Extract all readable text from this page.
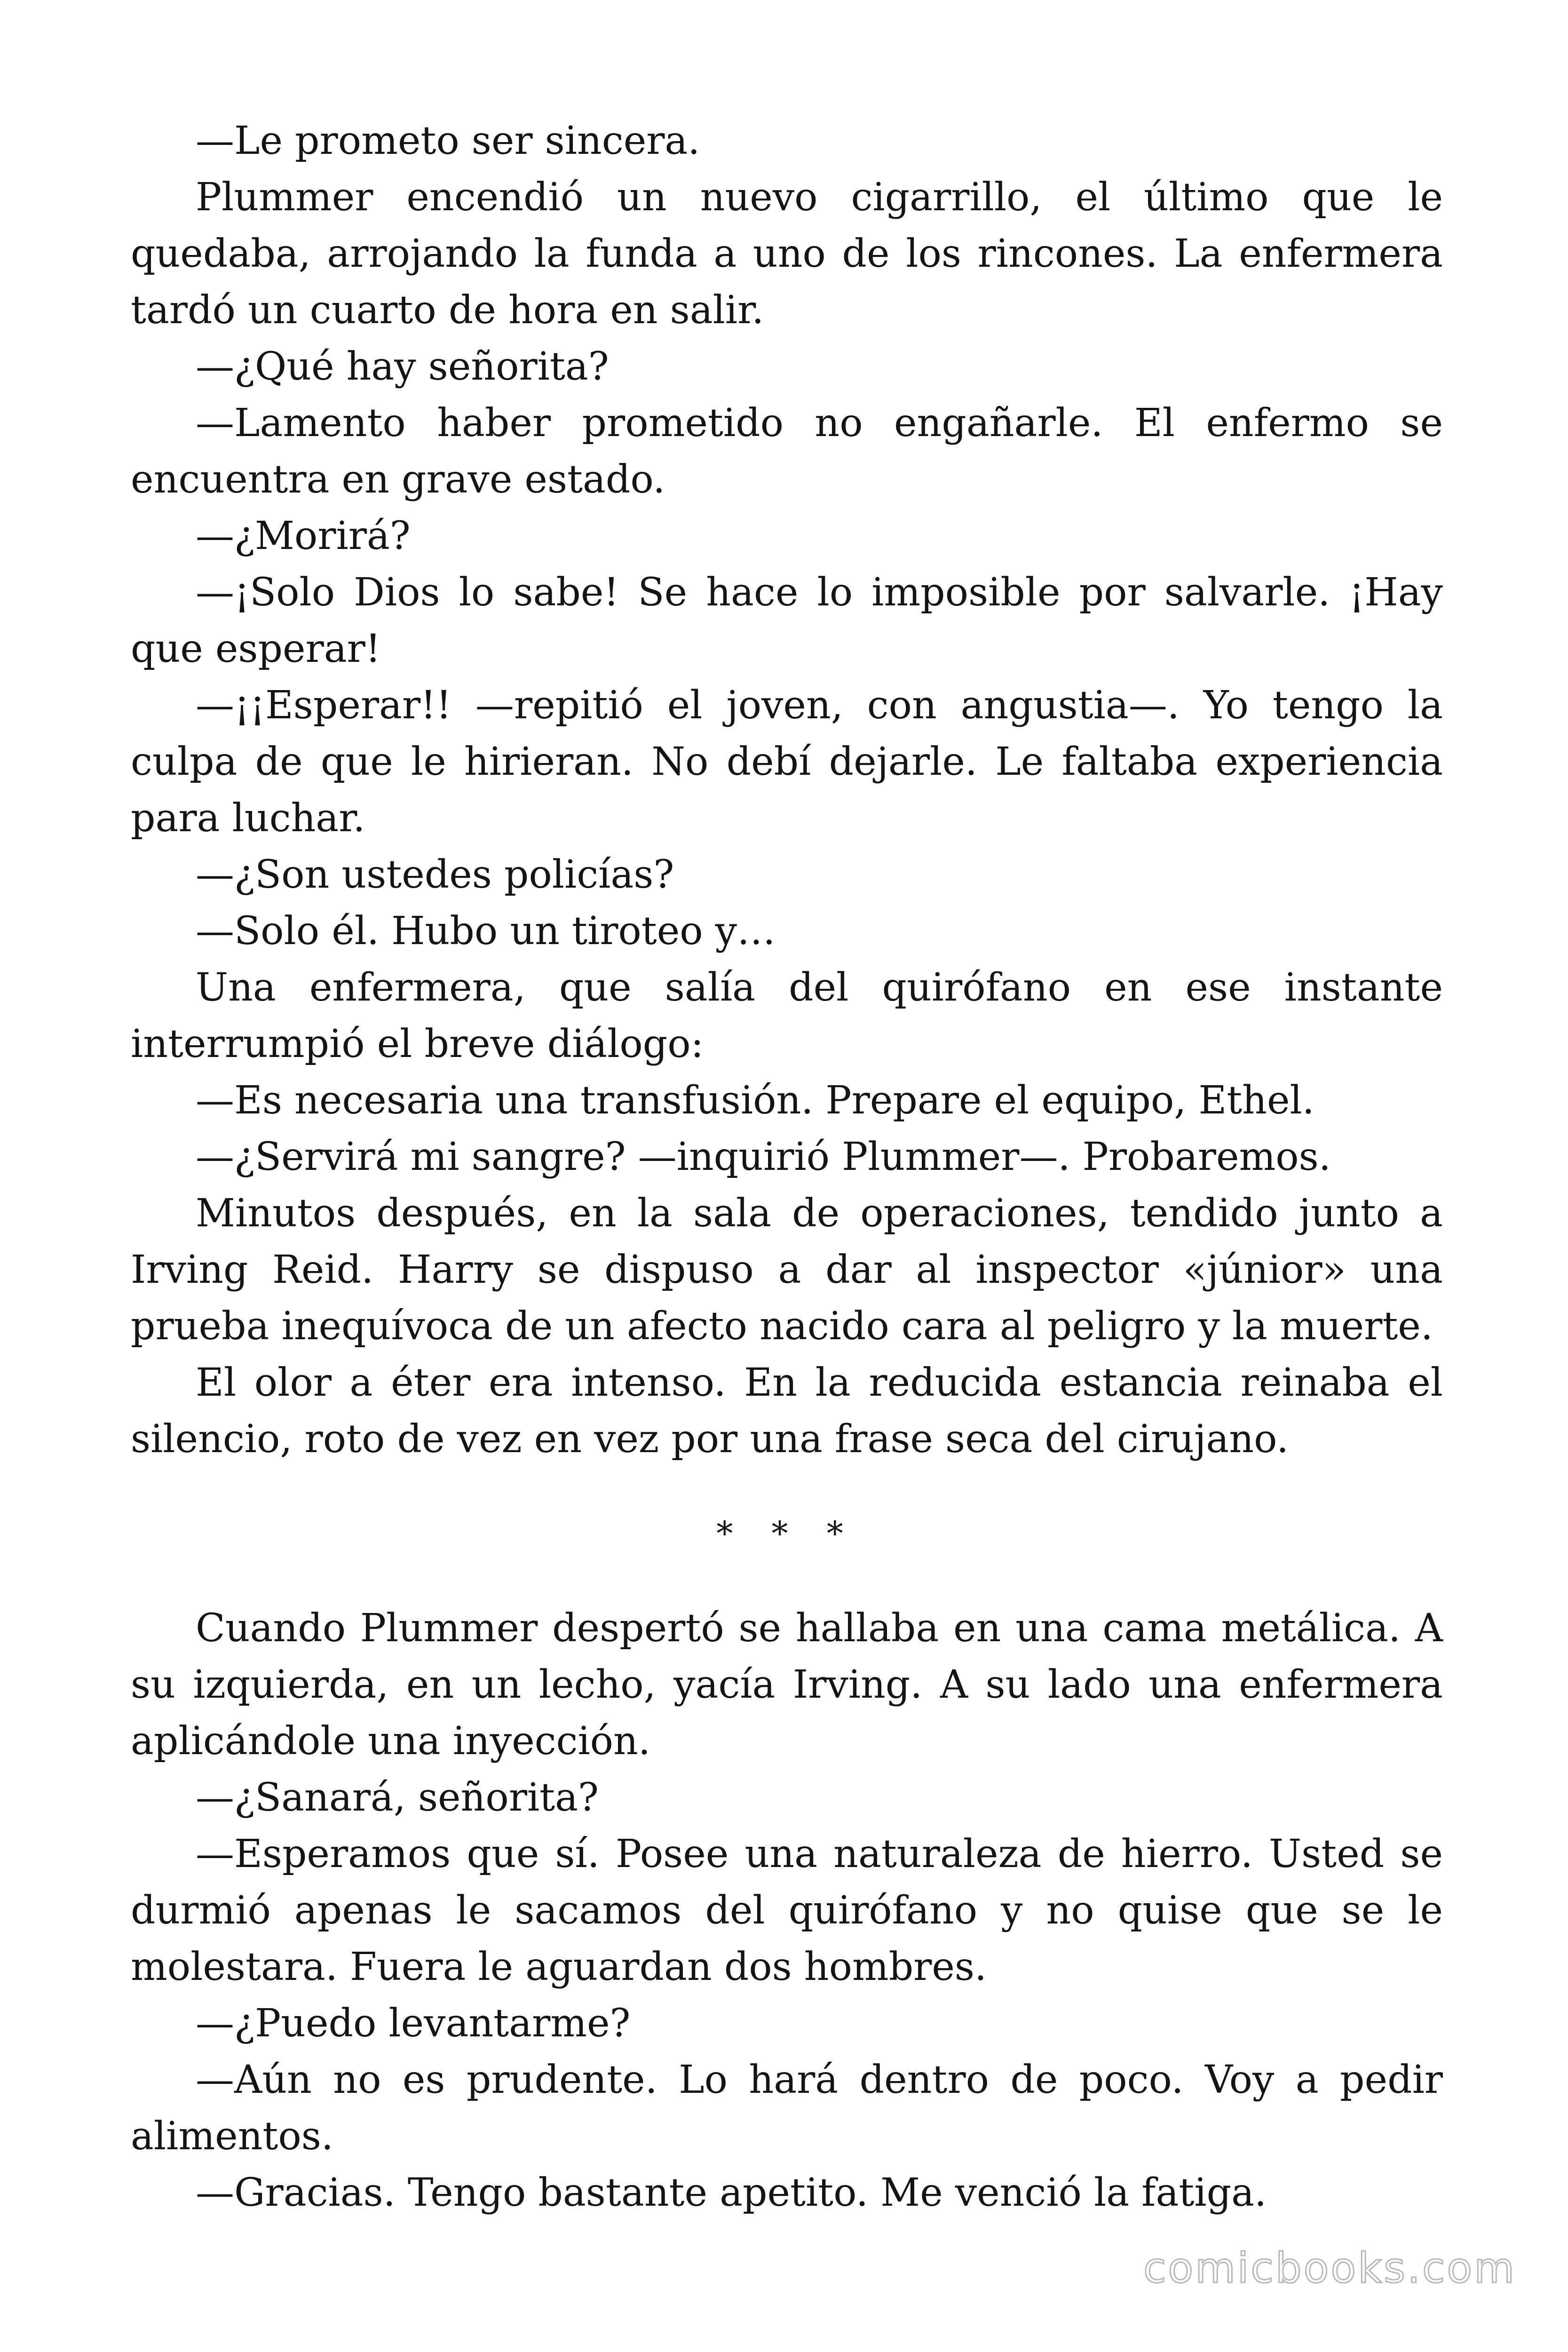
—Le prometo ser sincera.

Plummer encendió un nuevo cigarrillo, el último que le quedaba, arrojando la funda a uno de los rincones. La enfermera tardó un cuarto de hora en salir.

—¿Qué hay señorita?

—Lamento haber prometido no engañarle. El enfermo se encuentra en grave estado.

—¿Morirá?

—¡Solo Dios lo sabe! Se hace lo imposible por salvarle. ¡Hay que esperar!

—¡¡Esperar!! —repitió el joven, con angustia—. Yo tengo la culpa de que le hirieran. No debí dejarle. Le faltaba experiencia para luchar.

—¿Son ustedes policías?

—Solo él. Hubo un tiroteo y…

Una enfermera, que salía del quirófano en ese instante interrumpió el breve diálogo:

—Es necesaria una transfusión. Prepare el equipo, Ethel.

—¿Servirá mi sangre? —inquirió Plummer—. Probaremos.

Minutos después, en la sala de operaciones, tendido junto a Irving Reid. Harry se dispuso a dar al inspector «júnior» una prueba inequívoca de un afecto nacido cara al peligro y la muerte.

El olor a éter era intenso. En la reducida estancia reinaba el silencio, roto de vez en vez por una frase seca del cirujano.

* * *

Cuando Plummer despertó se hallaba en una cama metálica. A su izquierda, en un lecho, yacía Irving. A su lado una enfermera aplicándole una inyección.

—¿Sanará, señorita?

—Esperamos que sí. Posee una naturaleza de hierro. Usted se durmió apenas le sacamos del quirófano y no quise que se le molestara. Fuera le aguardan dos hombres.

—¿Puedo levantarme?

—Aún no es prudente. Lo hará dentro de poco. Voy a pedir alimentos.

—Gracias. Tengo bastante apetito. Me venció la fatiga.

comicbooks.com
